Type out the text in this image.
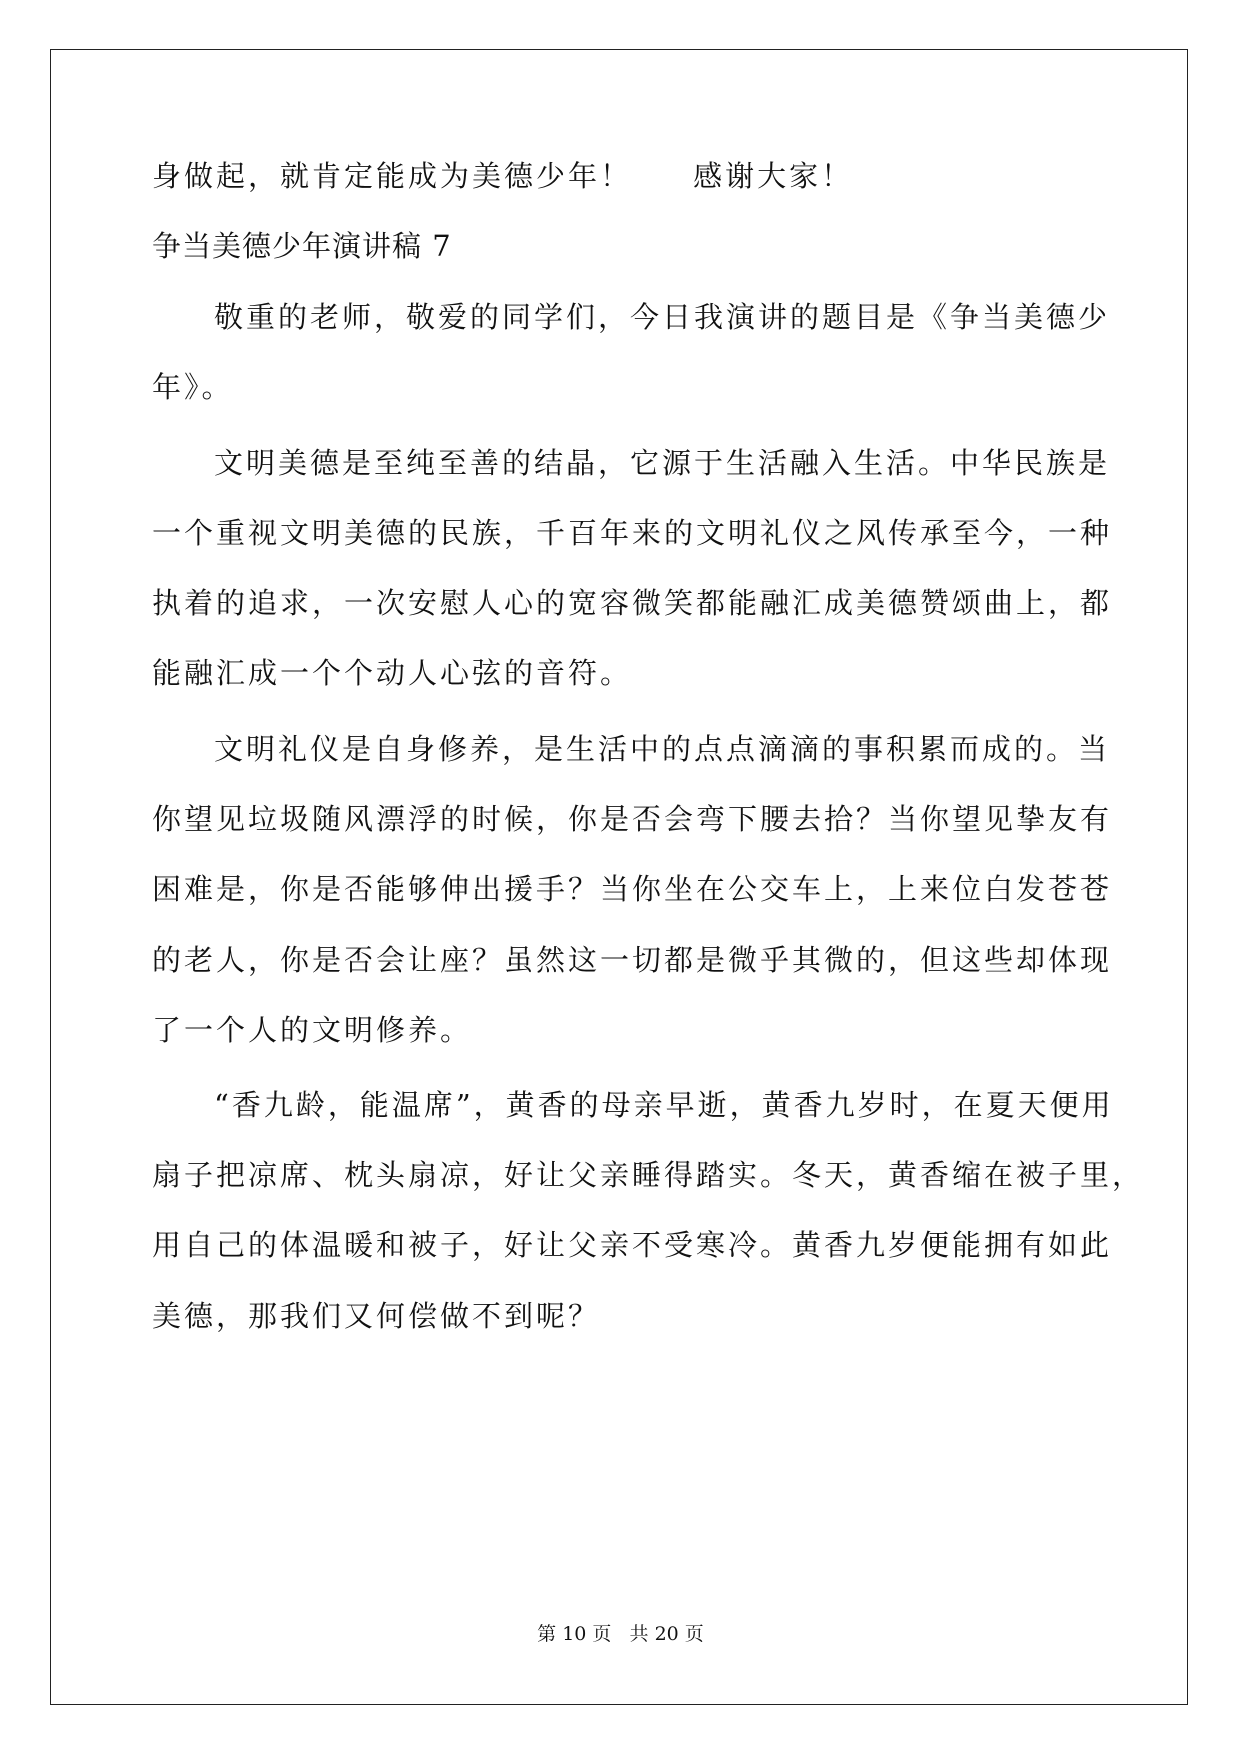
身做起，就肯定能成为美德少年！     感谢大家！
争当美德少年演讲稿 7
敬重的老师，敬爱的同学们，今日我演讲的题目是《争当美德少
年》。
文明美德是至纯至善的结晶，它源于生活融入生活。中华民族是
一个重视文明美德的民族，千百年来的文明礼仪之风传承至今，一种
执着的追求，一次安慰人心的宽容微笑都能融汇成美德赞颂曲上，都
能融汇成一个个动人心弦的音符。
文明礼仪是自身修养，是生活中的点点滴滴的事积累而成的。当
你望见垃圾随风漂浮的时候，你是否会弯下腰去拾？当你望见挚友有
困难是，你是否能够伸出援手？当你坐在公交车上，上来位白发苍苍
的老人，你是否会让座？虽然这一切都是微乎其微的，但这些却体现
了一个人的文明修养。
“香九龄，能温席”，黄香的母亲早逝，黄香九岁时，在夏天便用
扇子把凉席、枕头扇凉，好让父亲睡得踏实。冬天，黄香缩在被子里，
用自己的体温暖和被子，好让父亲不受寒冷。黄香九岁便能拥有如此
美德，那我们又何偿做不到呢？
第 10 页   共 20 页
